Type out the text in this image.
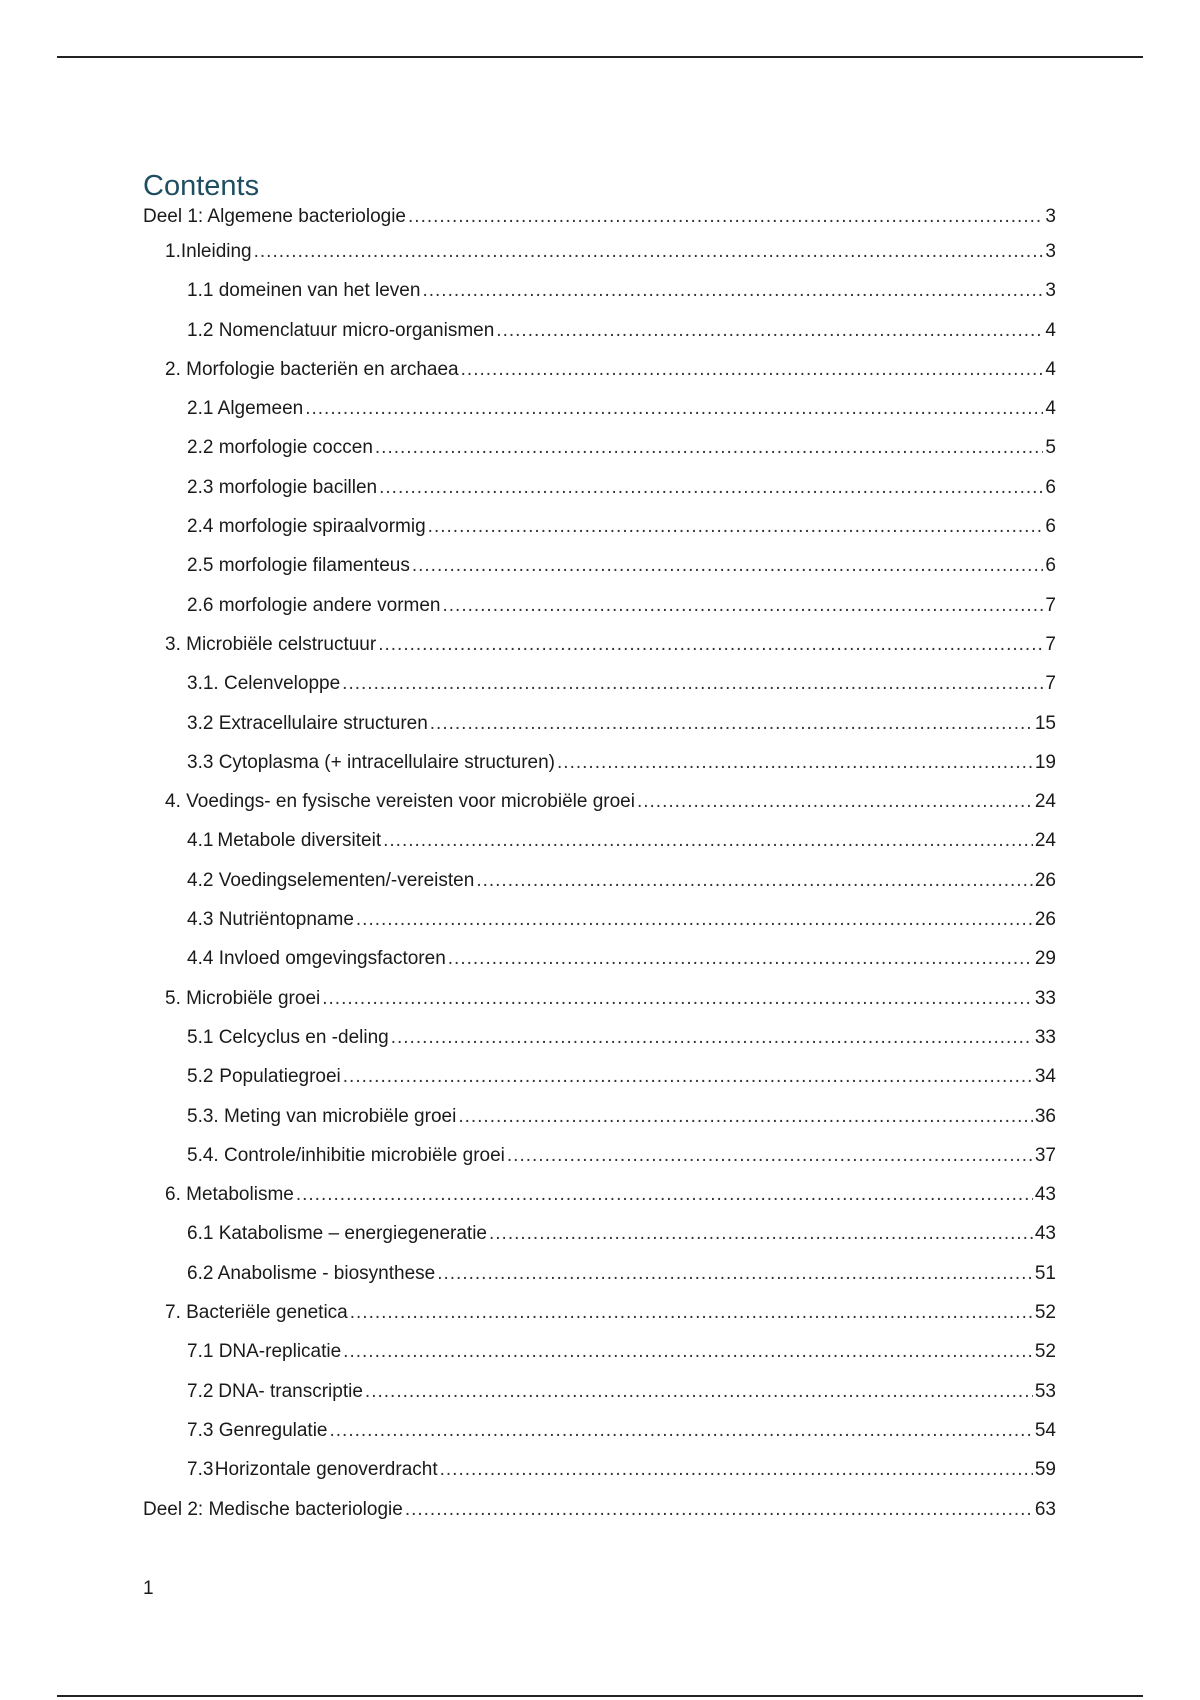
Contents
Deel 1: Algemene bacteriologie .....	3
1.Inleiding .....	3
1.1 domeinen van het leven .....	3
1.2 Nomenclatuur micro-organismen .....	4
2. Morfologie bacteriën en archaea .....	4
2.1 Algemeen .....	4
2.2 morfologie coccen .....	5
2.3 morfologie bacillen .....	6
2.4 morfologie spiraalvormig .....	6
2.5 morfologie filamenteus .....	6
2.6 morfologie andere vormen .....	7
3. Microbiële celstructuur .....	7
3.1. Celenveloppe .....	7
3.2 Extracellulaire structuren .....	15
3.3 Cytoplasma (+ intracellulaire structuren) .....	19
4. Voedings- en fysische vereisten voor microbiële groei .....	24
4.1 Metabole diversiteit .....	24
4.2 Voedingselementen/-vereisten .....	26
4.3 Nutriëntopname .....	26
4.4 Invloed omgevingsfactoren .....	29
5. Microbiële groei .....	33
5.1 Celcyclus en -deling .....	33
5.2 Populatiegroei .....	34
5.3. Meting van microbiële groei .....	36
5.4. Controle/inhibitie microbiële groei .....	37
6. Metabolisme .....	43
6.1 Katabolisme – energiegeneratie .....	43
6.2 Anabolisme - biosynthese .....	51
7. Bacteriële genetica .....	52
7.1 DNA-replicatie .....	52
7.2 DNA- transcriptie .....	53
7.3 Genregulatie .....	54
7.3 Horizontale genoverdracht .....	59
Deel 2: Medische bacteriologie .....	63
1
